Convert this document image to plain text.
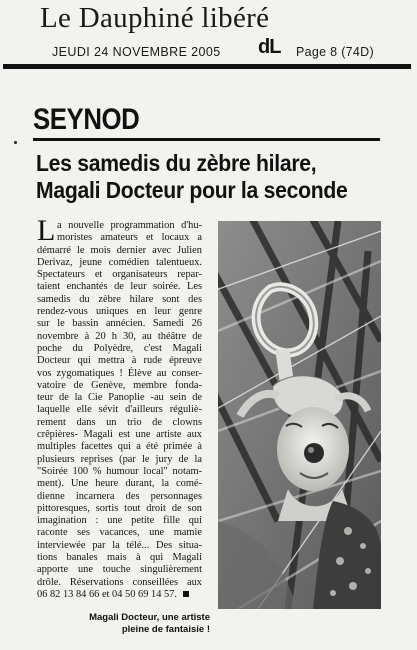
Le Dauphiné libéré
JEUDI 24 NOVEMBRE 2005 dL Page 8 (74D)
SEYNOD
Les samedis du zèbre hilare,
Magali Docteur pour la seconde
L a nouvelle programmation d'hu-
moristes amateurs et locaux a
démarré le mois dernier avec Julien
Derivaz, jeune comédien talentueux.
Spectateurs et organisateurs repar-
taient enchantés de leur soirée. Les
samedis du zèbre hilare sont des
rendez-vous uniques en leur genre
sur le bassin annécien. Samedi 26
novembre à 20 h 30, au théâtre de
poche du Polyèdre, c'est Magali
Docteur qui mettra à rude épreuve
vos zygomatiques ! Élève au conser-
vatoire de Genève, membre fonda-
teur de la Cie Panoplie -au sein de
laquelle elle sévit d'ailleurs réguliè-
rement dans un trio de clowns
crêpières- Magali est une artiste aux
multiples facettes qui a été primée à
plusieurs reprises (par le jury de la
"Soirée 100 % humour local" notam-
ment). Une heure durant, la comé-
dienne incarnera des personnages
pittoresques, sortis tout droit de son
imagination : une petite fille qui
raconte ses vacances, une mamie
interviewée par la télé... Des situa-
tions banales mais à qui Magali
apporte une touche singulièrement
drôle. Réservations conseillées aux
06 82 13 84 66 et 04 50 69 14 57.
Magali Docteur, une artiste
pleine de fantaisie !
